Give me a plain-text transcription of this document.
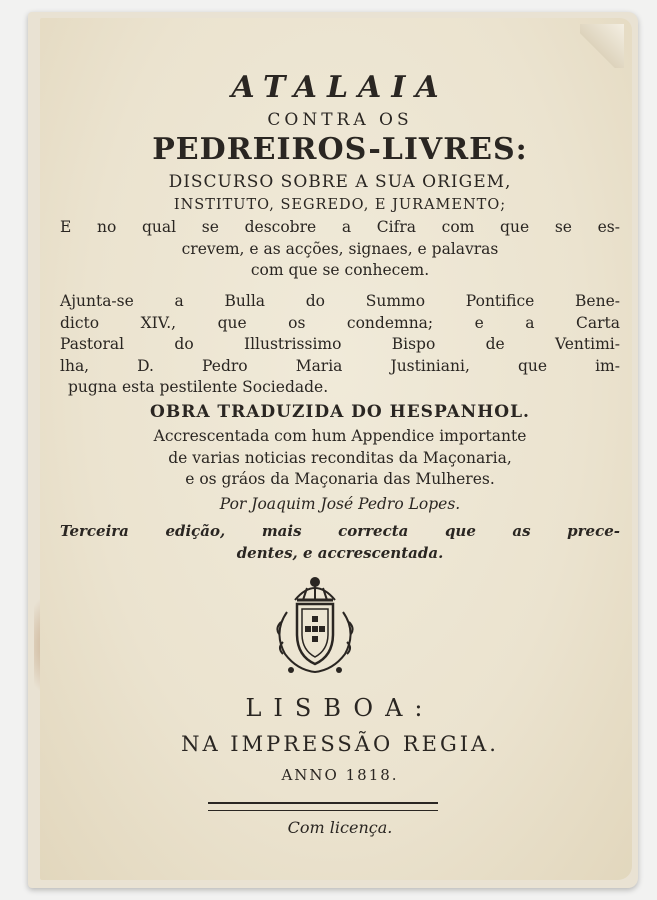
ATALAIA
CONTRA OS
PEDREIROS-LIVRES:
DISCURSO SOBRE A SUA ORIGEM,
INSTITUTO, SEGREDO, E JURAMENTO;
E no qual se descobre a Cifra com que se es-
crevem, e as acções, signaes, e palavras
com que se conhecem.
Ajunta-se a Bulla do Summo Pontifice Bene-
dicto XIV., que os condemna; e a Carta
Pastoral do Illustrissimo Bispo de Ventimi-
lha, D. Pedro Maria Justiniani, que im-
pugna esta pestilente Sociedade.
OBRA TRADUZIDA DO HESPANHOL.
Accrescentada com hum Appendice importante
de varias noticias reconditas da Maçonaria,
e os gráos da Maçonaria das Mulheres.
Por Joaquim José Pedro Lopes.
Terceira edição, mais correcta que as prece-
dentes, e accrescentada.
LISBOA:
NA IMPRESSÃO REGIA.
ANNO 1818.
Com licença.
